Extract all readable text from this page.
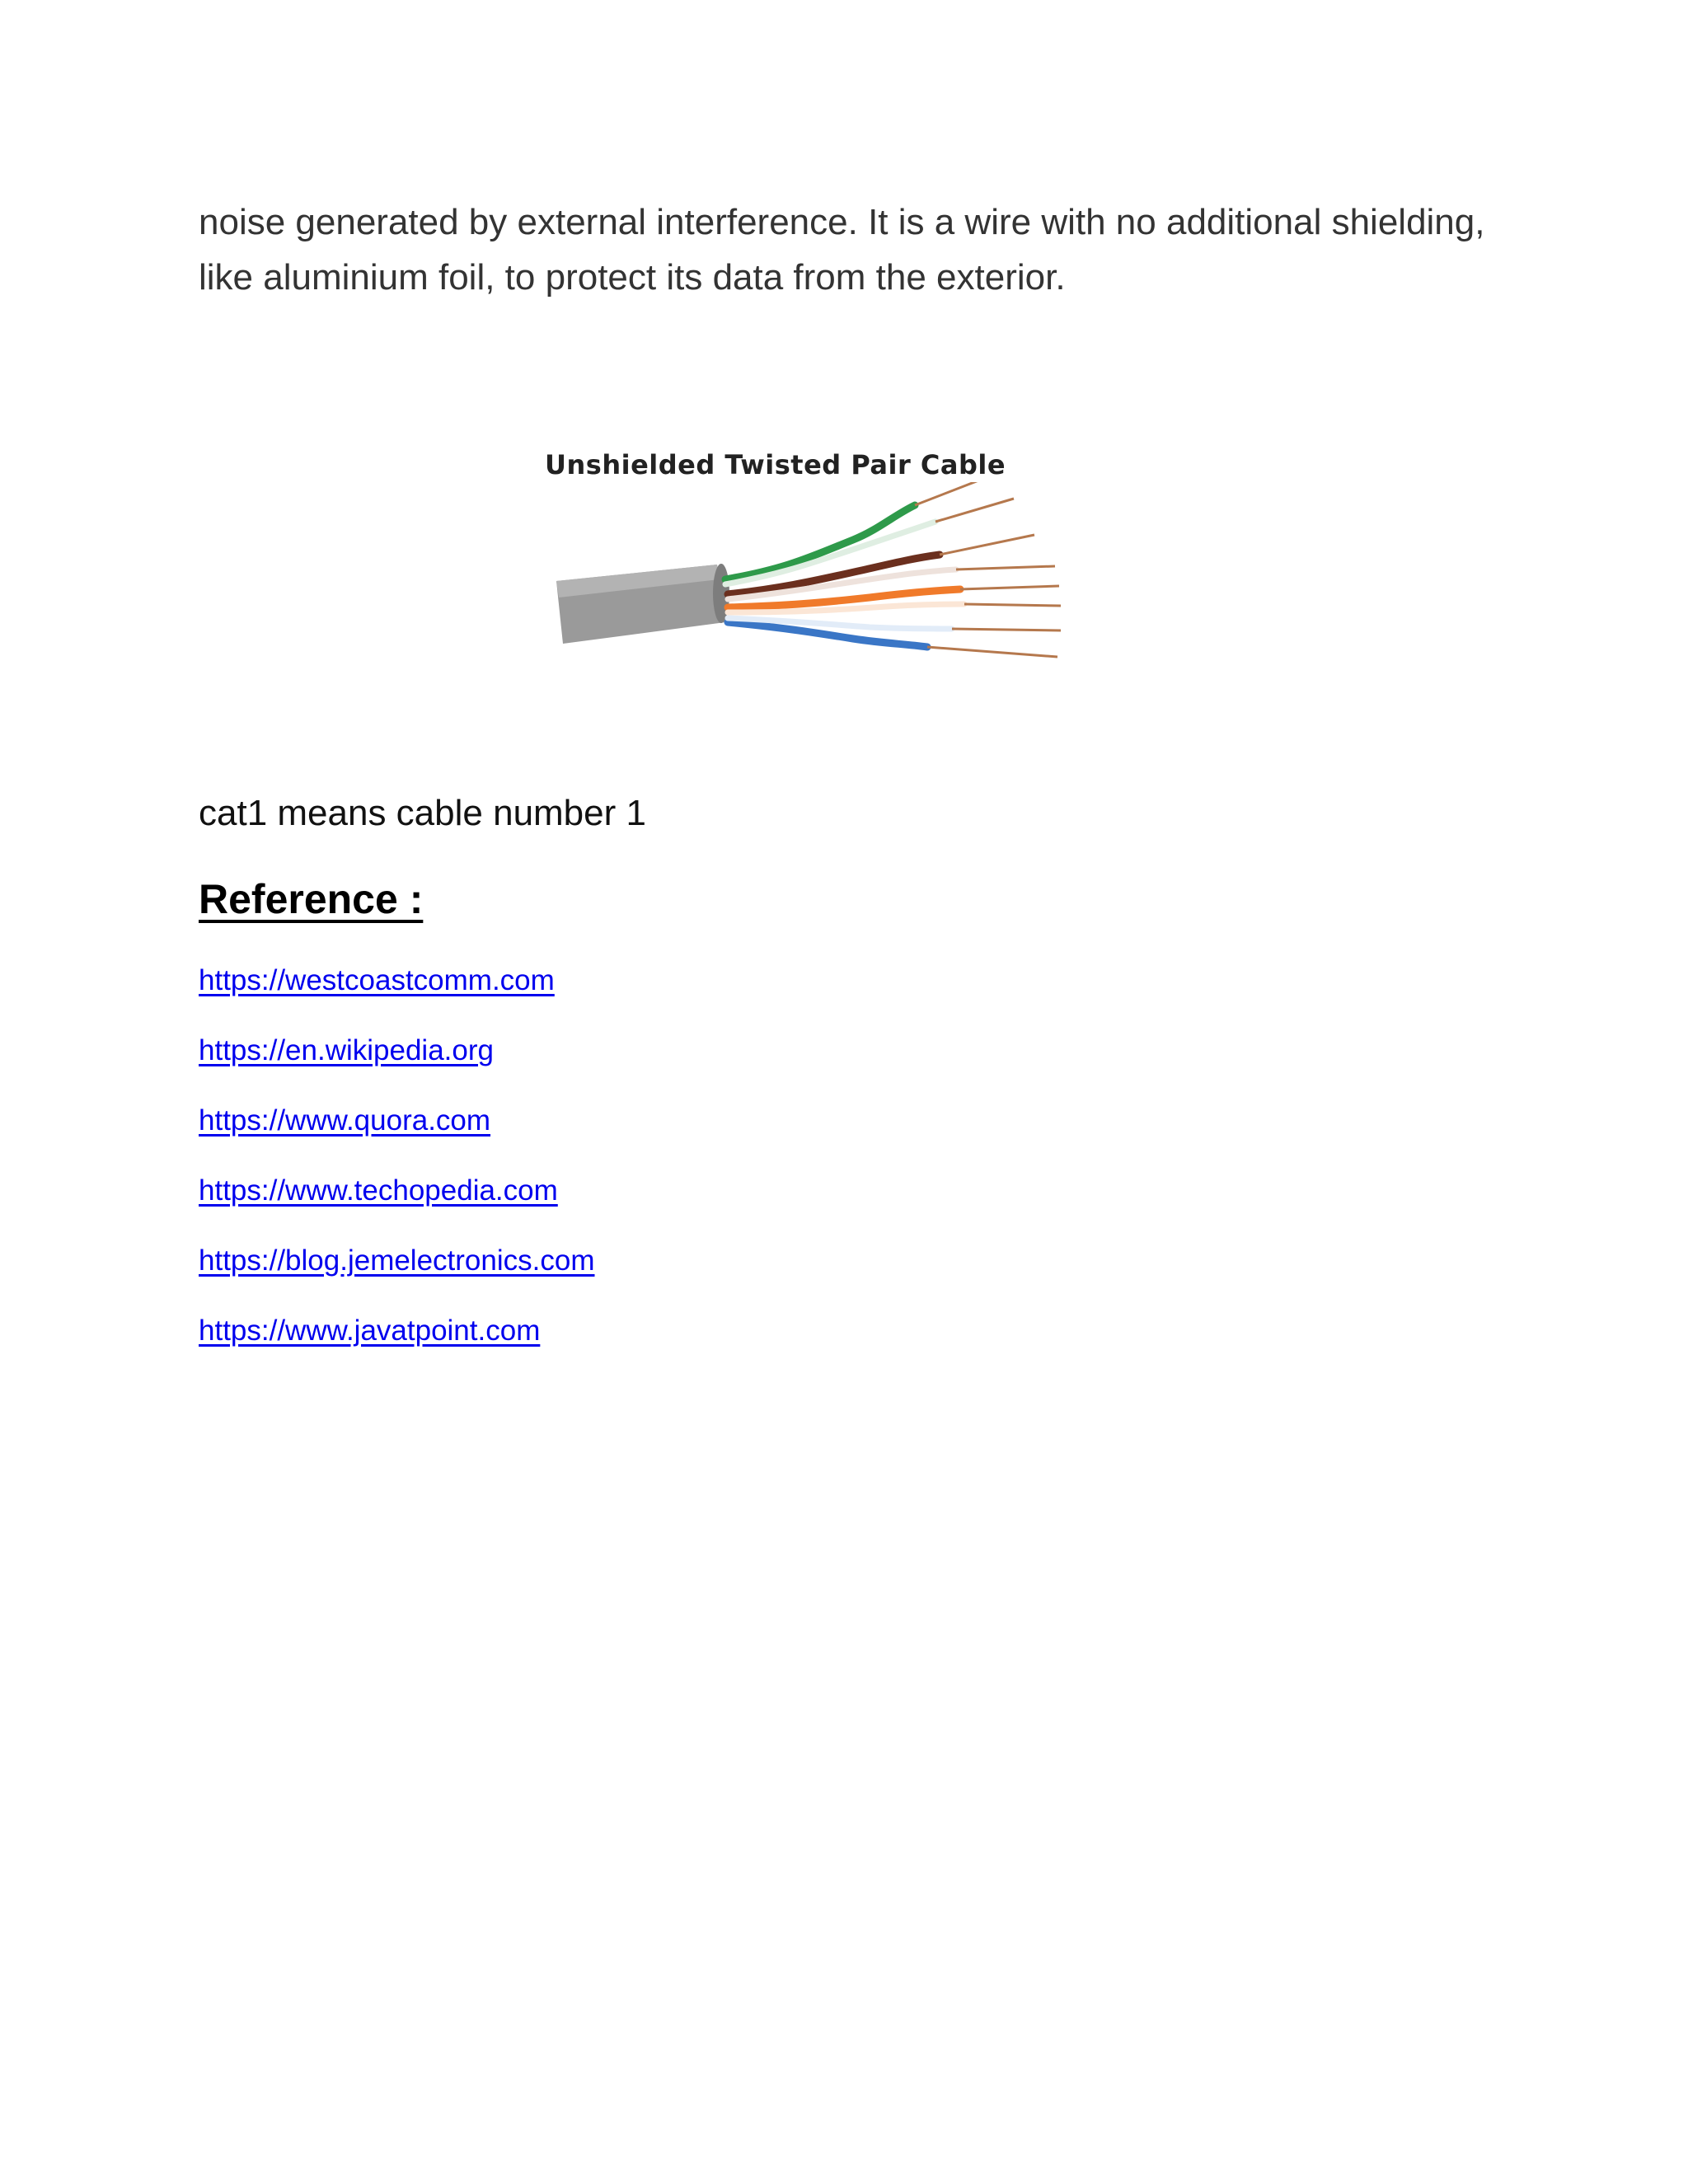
noise generated by external interference. It is a wire with no additional shielding, like aluminium foil, to protect its data from the exterior.

Unshielded Twisted Pair Cable

cat1 means cable number 1

Reference :
https://westcoastcomm.com
https://en.wikipedia.org
https://www.quora.com
https://www.techopedia.com
https://blog.jemelectronics.com
https://www.javatpoint.com
